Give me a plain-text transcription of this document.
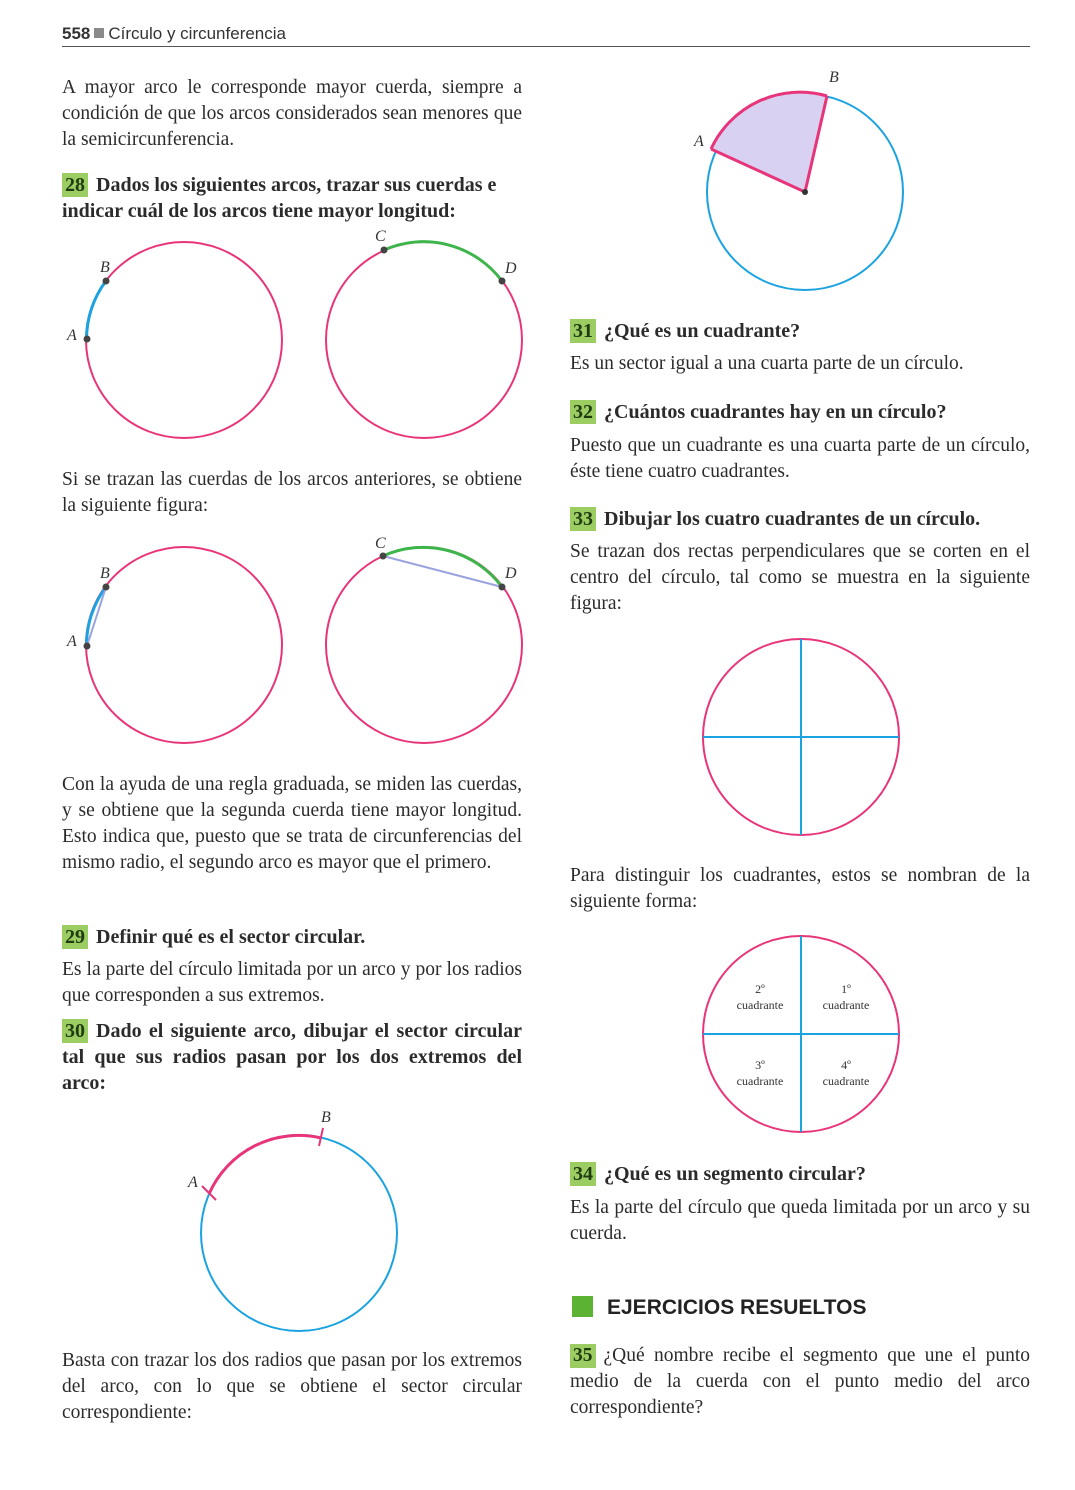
558 Círculo y circunferencia

A mayor arco le corresponde mayor cuerda, siempre a condición de que los arcos considerados sean menores que la semicircunferencia.

28 Dados los siguientes arcos, trazar sus cuerdas e indicar cuál de los arcos tiene mayor longitud:

A
B
C
D

Si se trazan las cuerdas de los arcos anteriores, se obtiene la siguiente figura:

A
B
C
D

Con la ayuda de una regla graduada, se miden las cuerdas, y se obtiene que la segunda cuerda tiene mayor longitud. Esto indica que, puesto que se trata de circunferencias del mismo radio, el segundo arco es mayor que el primero.

29 Definir qué es el sector circular.

Es la parte del círculo limitada por un arco y por los radios que corresponden a sus extremos.

30 Dado el siguiente arco, dibujar el sector circular tal que sus radios pasan por los dos extremos del arco:

A
B

Basta con trazar los dos radios que pasan por los extremos del arco, con lo que se obtiene el sector circular correspondiente:

A
B

31 ¿Qué es un cuadrante?

Es un sector igual a una cuarta parte de un círculo.

32 ¿Cuántos cuadrantes hay en un círculo?

Puesto que un cuadrante es una cuarta parte de un círculo, éste tiene cuatro cuadrantes.

33 Dibujar los cuatro cuadrantes de un círculo.

Se trazan dos rectas perpendiculares que se corten en el centro del círculo, tal como se muestra en la siguiente figura:

Para distinguir los cuadrantes, estos se nombran de la siguiente forma:

2º
cuadrante
1º
cuadrante
3º
cuadrante
4º
cuadrante

34 ¿Qué es un segmento circular?

Es la parte del círculo que queda limitada por un arco y su cuerda.

EJERCICIOS RESUELTOS

35 ¿Qué nombre recibe el segmento que une el punto medio de la cuerda con el punto medio del arco correspondiente?
